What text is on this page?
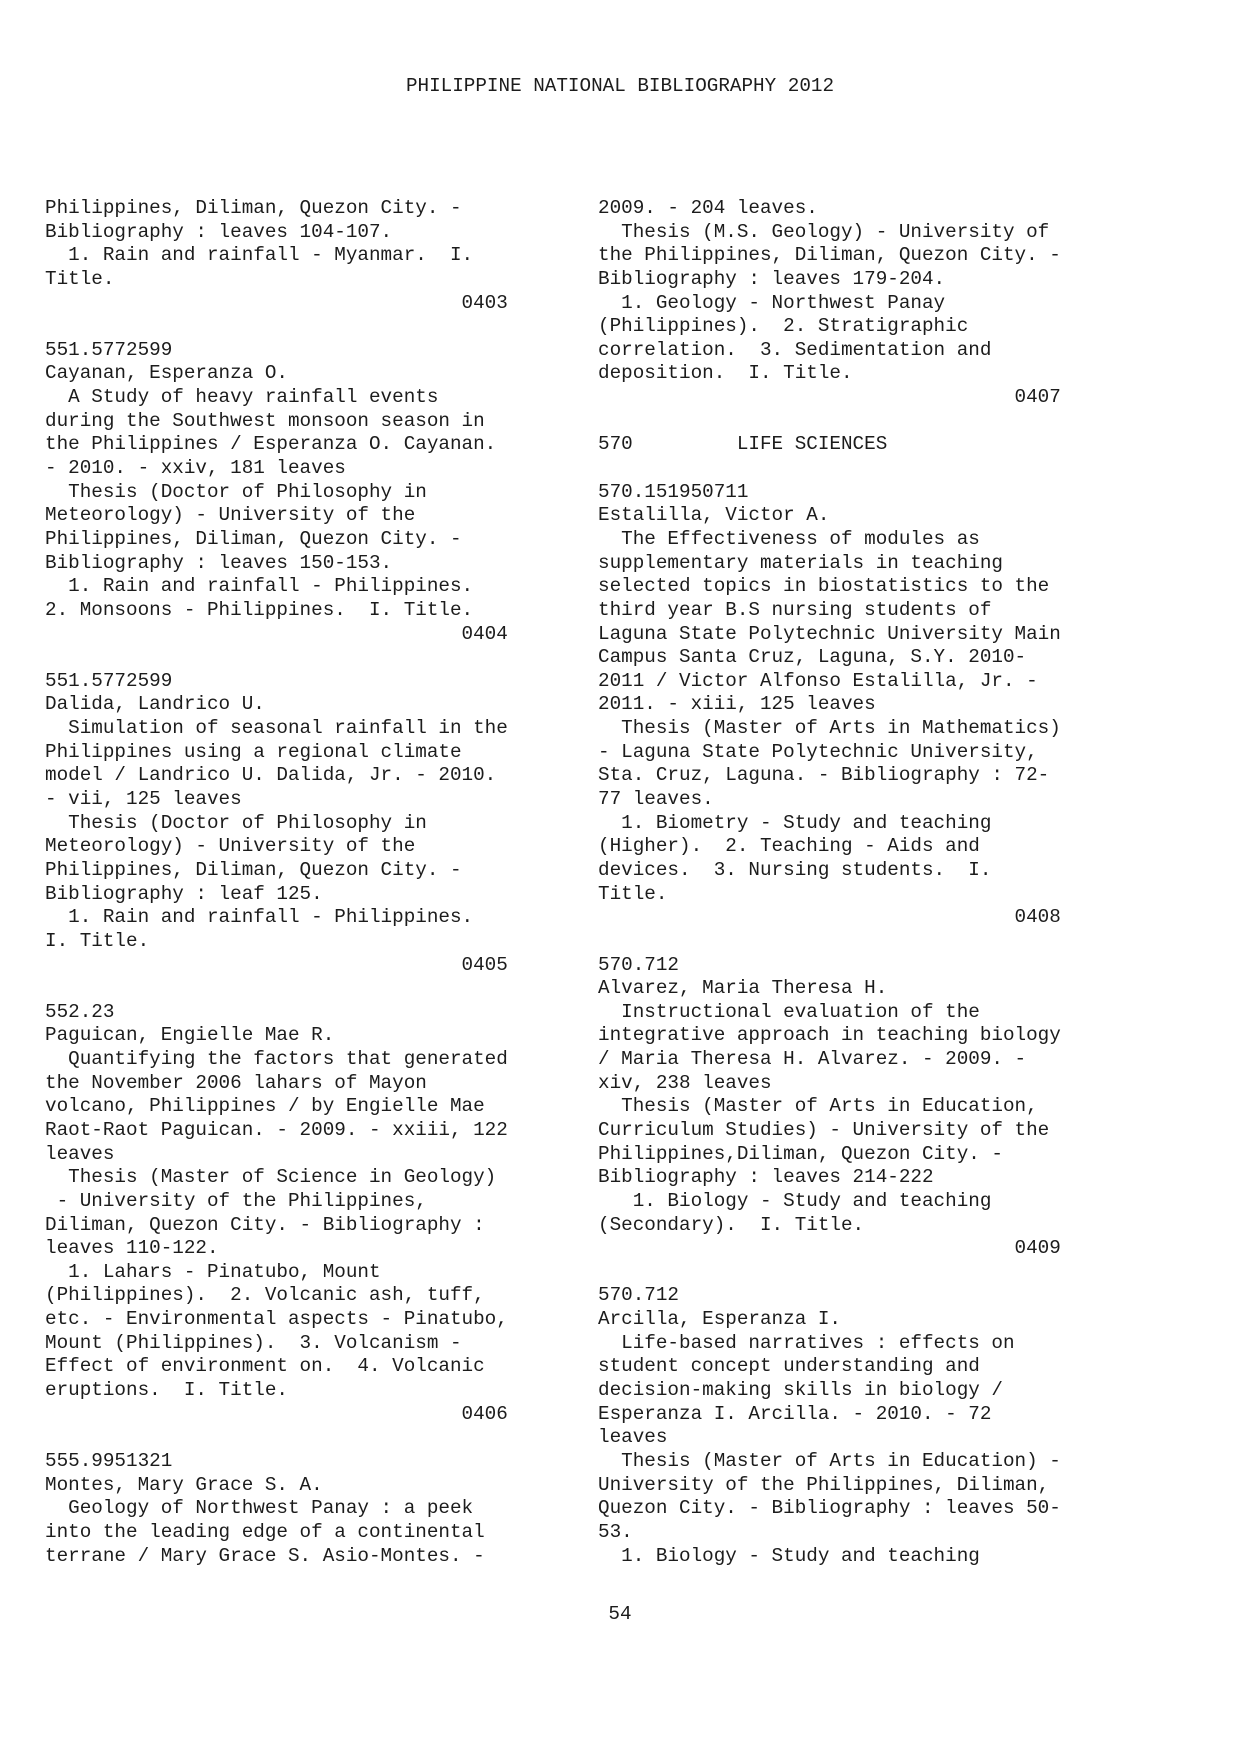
PHILIPPINE NATIONAL BIBLIOGRAPHY 2012
Philippines, Diliman, Quezon City. -
Bibliography : leaves 104-107.
1. Rain and rainfall - Myanmar.  I.
Title.
0403
551.5772599
Cayanan, Esperanza O.
A Study of heavy rainfall events
during the Southwest monsoon season in
the Philippines / Esperanza O. Cayanan.
- 2010. - xxiv, 181 leaves
Thesis (Doctor of Philosophy in
Meteorology) - University of the
Philippines, Diliman, Quezon City. -
Bibliography : leaves 150-153.
1. Rain and rainfall - Philippines.
2. Monsoons - Philippines.  I. Title.
0404
551.5772599
Dalida, Landrico U.
Simulation of seasonal rainfall in the
Philippines using a regional climate
model / Landrico U. Dalida, Jr. - 2010.
- vii, 125 leaves
Thesis (Doctor of Philosophy in
Meteorology) - University of the
Philippines, Diliman, Quezon City. -
Bibliography : leaf 125.
1. Rain and rainfall - Philippines.
I. Title.
0405
552.23
Paguican, Engielle Mae R.
Quantifying the factors that generated
the November 2006 lahars of Mayon
volcano, Philippines / by Engielle Mae
Raot-Raot Paguican. - 2009. - xxiii, 122
leaves
Thesis (Master of Science in Geology)
- University of the Philippines,
Diliman, Quezon City. - Bibliography :
leaves 110-122.
1. Lahars - Pinatubo, Mount
(Philippines).  2. Volcanic ash, tuff,
etc. - Environmental aspects - Pinatubo,
Mount (Philippines).  3. Volcanism -
Effect of environment on.  4. Volcanic
eruptions.  I. Title.
0406
555.9951321
Montes, Mary Grace S. A.
Geology of Northwest Panay : a peek
into the leading edge of a continental
terrane / Mary Grace S. Asio-Montes. -
2009. - 204 leaves.
Thesis (M.S. Geology) - University of
the Philippines, Diliman, Quezon City. -
Bibliography : leaves 179-204.
1. Geology - Northwest Panay
(Philippines).  2. Stratigraphic
correlation.  3. Sedimentation and
deposition.  I. Title.
0407
570         LIFE SCIENCES
570.151950711
Estalilla, Victor A.
The Effectiveness of modules as
supplementary materials in teaching
selected topics in biostatistics to the
third year B.S nursing students of
Laguna State Polytechnic University Main
Campus Santa Cruz, Laguna, S.Y. 2010-
2011 / Victor Alfonso Estalilla, Jr. -
2011. - xiii, 125 leaves
Thesis (Master of Arts in Mathematics)
- Laguna State Polytechnic University,
Sta. Cruz, Laguna. - Bibliography : 72-
77 leaves.
1. Biometry - Study and teaching
(Higher).  2. Teaching - Aids and
devices.  3. Nursing students.  I.
Title.
0408
570.712
Alvarez, Maria Theresa H.
Instructional evaluation of the
integrative approach in teaching biology
/ Maria Theresa H. Alvarez. - 2009. -
xiv, 238 leaves
Thesis (Master of Arts in Education,
Curriculum Studies) - University of the
Philippines,Diliman, Quezon City. -
Bibliography : leaves 214-222
1. Biology - Study and teaching
(Secondary).  I. Title.
0409
570.712
Arcilla, Esperanza I.
Life-based narratives : effects on
student concept understanding and
decision-making skills in biology /
Esperanza I. Arcilla. - 2010. - 72
leaves
Thesis (Master of Arts in Education) -
University of the Philippines, Diliman,
Quezon City. - Bibliography : leaves 50-
53.
1. Biology - Study and teaching
54
